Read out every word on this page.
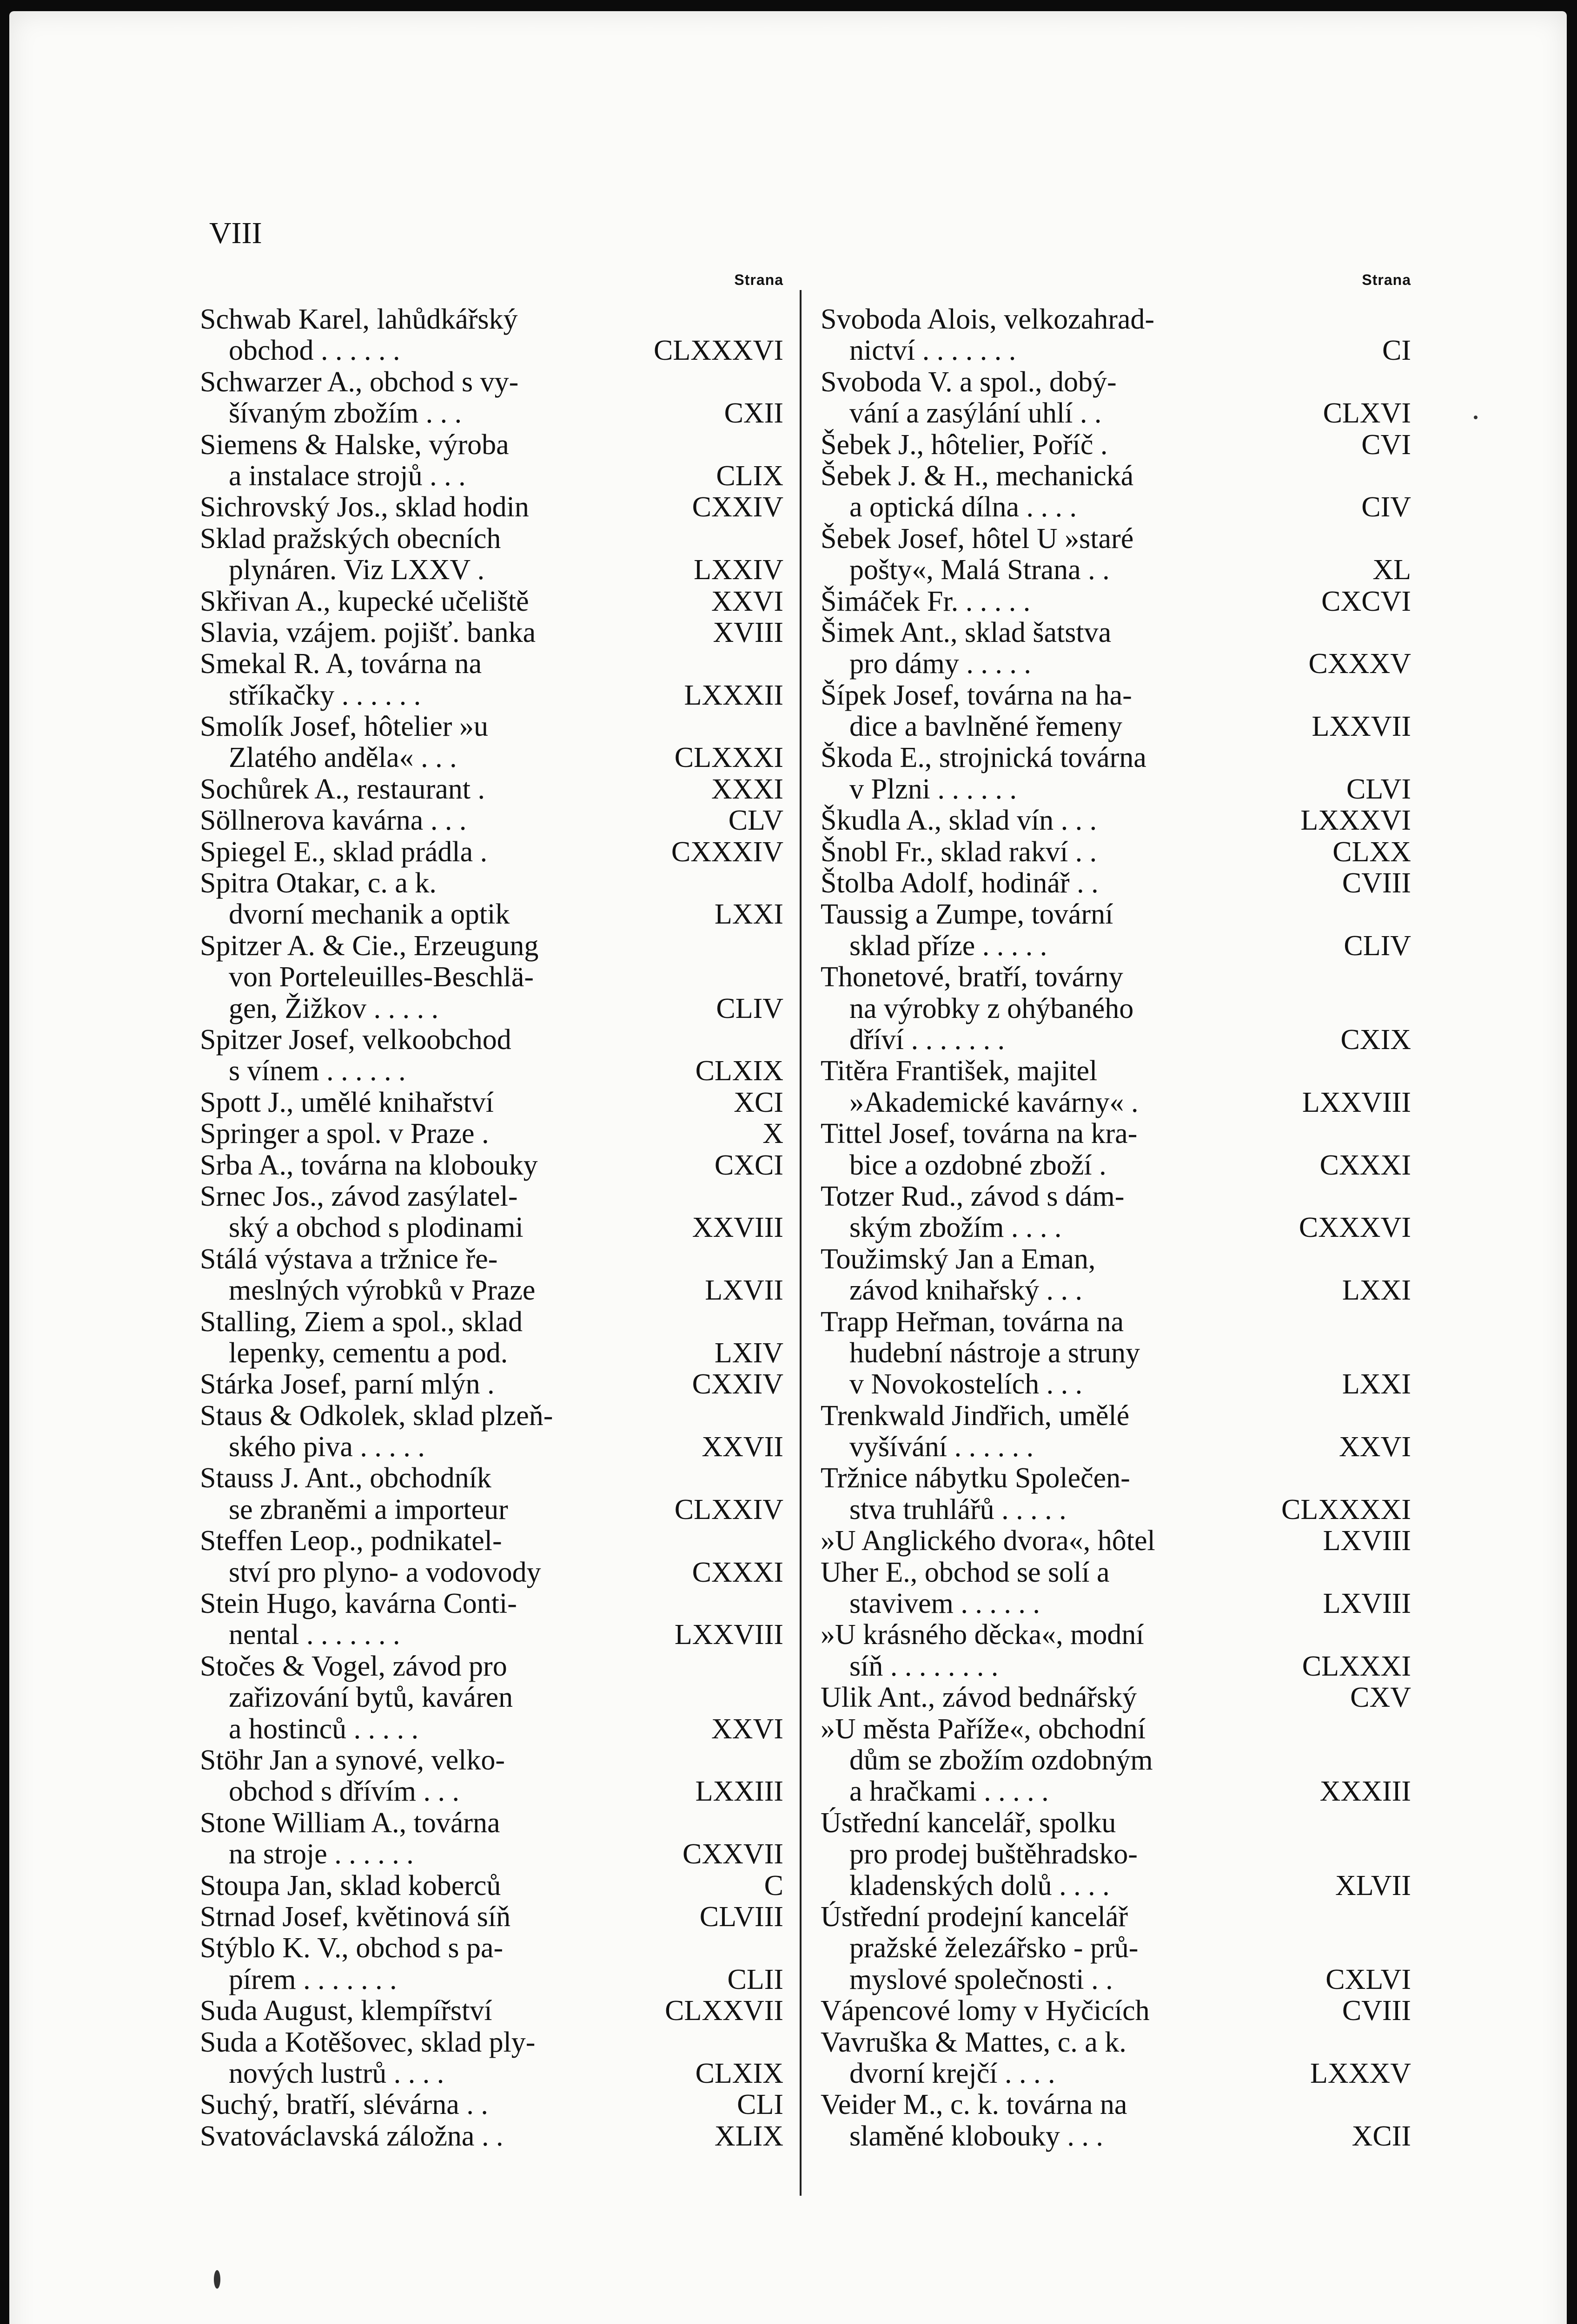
VIII
Strana
Schwab Karel, lahůdkářský
obchod . . . . . .	CLXXXVI
Schwarzer A., obchod s vy-
šívaným zbožím . . .	CXII
Siemens & Halske, výroba
a instalace strojů . . .	CLIX
Sichrovský Jos., sklad hodin	CXXIV
Sklad pražských obecních
plynáren. Viz LXXV .	LXXIV
Skřivan A., kupecké učeliště	XXVI
Slavia, vzájem. pojišť. banka	XVIII
Smekal R. A, továrna na
stříkačky . . . . . .	LXXXII
Smolík Josef, hôtelier »u
Zlatého anděla« . . .	CLXXXI
Sochůrek A., restaurant .	XXXI
Söllnerova kavárna . . .	CLV
Spiegel E., sklad prádla .	CXXXIV
Spitra Otakar, c. a k.
dvorní mechanik a optik	LXXI
Spitzer A. & Cie., Erzeugung
von Porteleuilles-Beschlä-
gen, Žižkov . . . . .	CLIV
Spitzer Josef, velkoobchod
s vínem . . . . . .	CLXIX
Spott J., umělé knihařství	XCI
Springer a spol. v Praze .	X
Srba A., továrna na klobouky	CXCI
Srnec Jos., závod zasýlatel-
ský a obchod s plodinami	XXVIII
Stálá výstava a tržnice ře-
meslných výrobků v Praze	LXVII
Stalling, Ziem a spol., sklad
lepenky, cementu a pod.	LXIV
Stárka Josef, parní mlýn .	CXXIV
Staus & Odkolek, sklad plzeň-
ského piva . . . . .	XXVII
Stauss J. Ant., obchodník
se zbraněmi a importeur	CLXXIV
Steffen Leop., podnikatel-
ství pro plyno- a vodovody	CXXXI
Stein Hugo, kavárna Conti-
nental . . . . . . .	LXXVIII
Stočes & Vogel, závod pro
zařizování bytů, kaváren
a hostinců . . . . .	XXVI
Stöhr Jan a synové, velko-
obchod s dřívím . . .	LXXIII
Stone William A., továrna
na stroje . . . . . .	CXXVII
Stoupa Jan, sklad koberců	C
Strnad Josef, květinová síň	CLVIII
Stýblo K. V., obchod s pa-
pírem . . . . . . .	CLII
Suda August, klempířství	CLXXVII
Suda a Kotěšovec, sklad ply-
nových lustrů . . . .	CLXIX
Suchý, bratří, slévárna . .	CLI
Svatováclavská záložna . .	XLIX
Strana
Svoboda Alois, velkozahrad-
nictví . . . . . . .	CI
Svoboda V. a spol., dobý-
vání a zasýlání uhlí . .	CLXVI
Šebek J., hôtelier, Poříč .	CVI
Šebek J. & H., mechanická
a optická dílna . . . .	CIV
Šebek Josef, hôtel U »staré
pošty«, Malá Strana . .	XL
Šimáček Fr. . . . . .	CXCVI
Šimek Ant., sklad šatstva
pro dámy . . . . .	CXXXV
Šípek Josef, továrna na ha-
dice a bavlněné řemeny	LXXVII
Škoda E., strojnická továrna
v Plzni . . . . . .	CLVI
Škudla A., sklad vín . . .	LXXXVI
Šnobl Fr., sklad rakví . .	CLXX
Štolba Adolf, hodinář . .	CVIII
Taussig a Zumpe, tovární
sklad příze . . . . .	CLIV
Thonetové, bratří, továrny
na výrobky z ohýbaného
dříví . . . . . . .	CXIX
Titěra František, majitel
»Akademické kavárny« .	LXXVIII
Tittel Josef, továrna na kra-
bice a ozdobné zboží .	CXXXI
Totzer Rud., závod s dám-
ským zbožím . . . .	CXXXVI
Toužimský Jan a Eman,
závod knihařský . . .	LXXI
Trapp Heřman, továrna na
hudební nástroje a struny
v Novokostelích . . .	LXXI
Trenkwald Jindřich, umělé
vyšívání . . . . . .	XXVI
Tržnice nábytku Společen-
stva truhlářů . . . . .	CLXXXXI
»U Anglického dvora«, hôtel	LXVIII
Uher E., obchod se solí a
stavivem . . . . . .	LXVIII
»U krásného děcka«, modní
síň . . . . . . . .	CLXXXI
Ulik Ant., závod bednářský	CXV
»U města Paříže«, obchodní
dům se zbožím ozdobným
a hračkami . . . . .	XXXIII
Ústřední kancelář, spolku
pro prodej buštěhradsko-
kladenských dolů . . . .	XLVII
Ústřední prodejní kancelář
pražské železářsko - prů-
myslové společnosti . .	CXLVI
Vápencové lomy v Hyčicích	CVIII
Vavruška & Mattes, c. a k.
dvorní krejčí . . . .	LXXXV
Veider M., c. k. továrna na
slaměné klobouky . . .	XCII
